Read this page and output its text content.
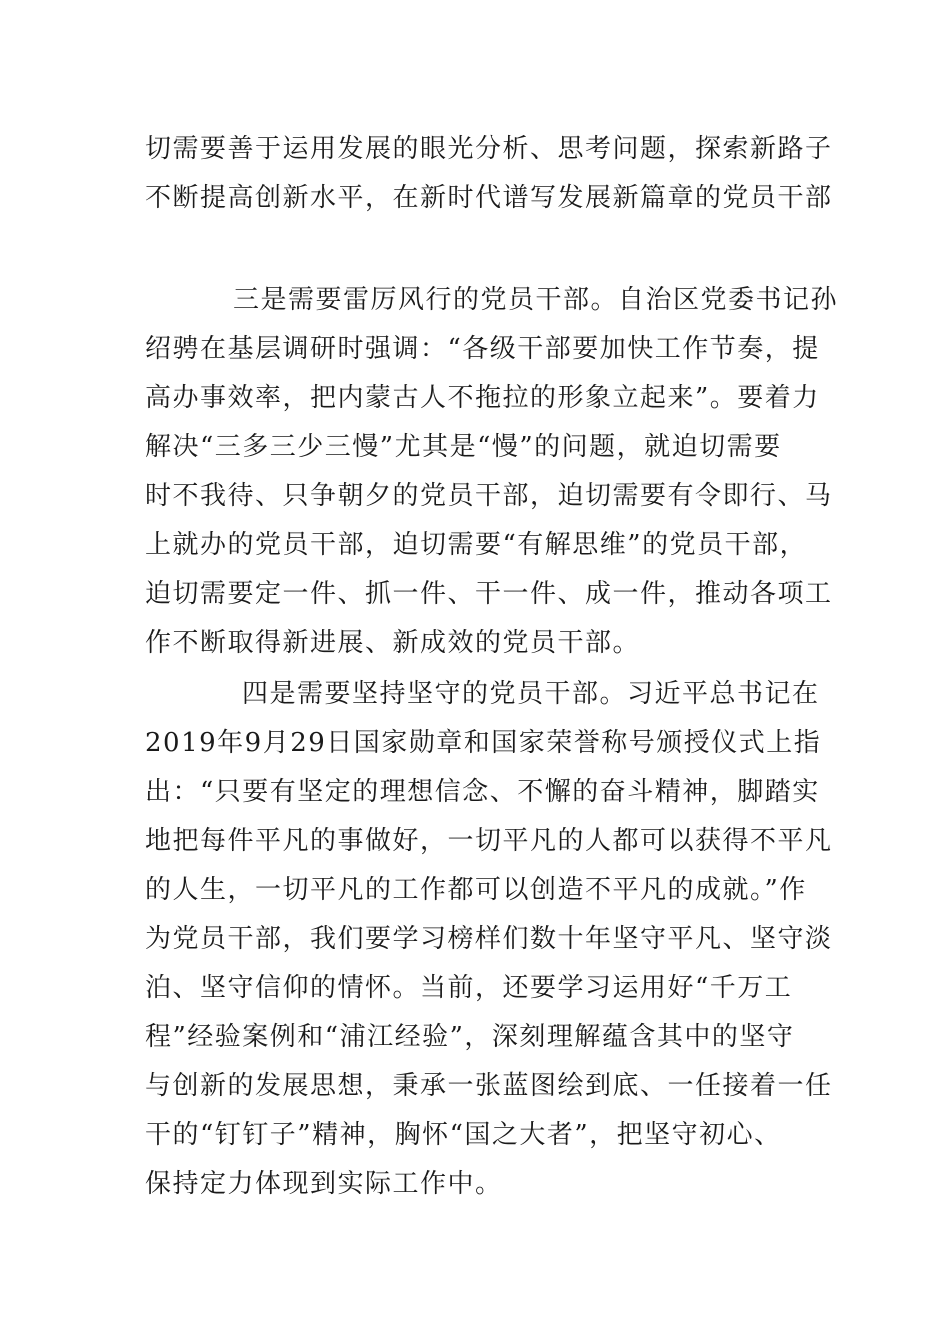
切需要善于运用发展的眼光分析、思考问题，探索新路子
不断提高创新水平，在新时代谱写发展新篇章的党员干部
三是需要雷厉风行的党员干部。自治区党委书记孙
绍骋在基层调研时强调：“各级干部要加快工作节奏，提
高办事效率，把内蒙古人不拖拉的形象立起来”。要着力
解决“三多三少三慢”尤其是“慢”的问题，就迫切需要
时不我待、只争朝夕的党员干部，迫切需要有令即行、马
上就办的党员干部，迫切需要“有解思维”的党员干部，
迫切需要定一件、抓一件、干一件、成一件，推动各项工
作不断取得新进展、新成效的党员干部。
四是需要坚持坚守的党员干部。习近平总书记在
2019年9月29日国家勋章和国家荣誉称号颁授仪式上指
出：“只要有坚定的理想信念、不懈的奋斗精神，脚踏实
地把每件平凡的事做好，一切平凡的人都可以获得不平凡
的人生，一切平凡的工作都可以创造不平凡的成就。”作
为党员干部，我们要学习榜样们数十年坚守平凡、坚守淡
泊、坚守信仰的情怀。当前，还要学习运用好“千万工
程”经验案例和“浦江经验”，深刻理解蕴含其中的坚守
与创新的发展思想，秉承一张蓝图绘到底、一任接着一任
干的“钉钉子”精神，胸怀“国之大者”，把坚守初心、
保持定力体现到实际工作中。
